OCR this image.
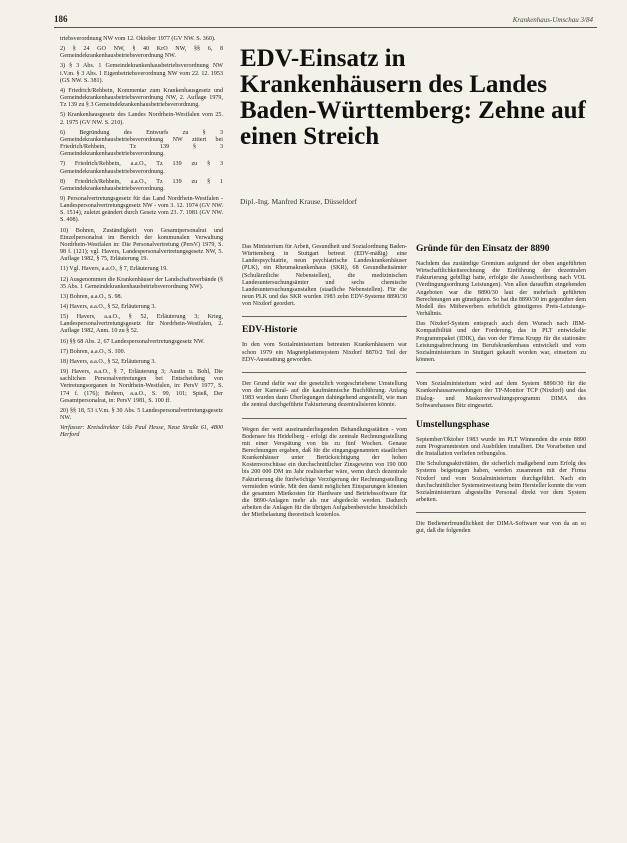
186	Krankenhaus-Umschau 3/84

triebsverordnung NW vom 12. Oktober 1977 (GV NW. S. 360).

2) § 24 GO NW, § 40 KrO NW, §§ 6, 8 Gemeindekrankenhausbetriebsverordnung NW.

3) § 3 Abs. 1 Gemeindekrankenhausbetriebsverordnung NW i.V.m. § 3 Abs. 1 Eigenbetriebsverordnung NW vom 22. 12. 1953 (GS NW. S. 381).

4) Friedrich/Rehbein, Kommentar zum Krankenhausgesetz und Gemeindekrankenhausbetriebsverordnung NW, 2. Auflage 1979, Tz 139 zu § 3 Gemeindekrankenhausbetriebsverordnung.

5) Krankenhausgesetz des Landes Nordrhein-Westfalen vom 25. 2. 1975 (GV NW. S. 210).

6) Begründung des Entwurfs zu § 3 Gemeindekrankenhausbetriebsverordnung NW zitiert bei Friedrich/Rehbein, Tz 139 § 3 Gemeindekrankenhausbetriebsverordnung.

7) Friedrich/Rehbein, a.a.O., Tz 139 zu § 3 Gemeindekrankenhausbetriebsverordnung.

8) Friedrich/Rehbein, a.a.O., Tz 139 zu § 1 Gemeindekrankenhausbetriebsverordnung.

9) Personalvertretungsgesetz für das Land Nordrhein-Westfalen - Landespersonalvertretungsgesetz NW - vom 3. 12. 1974 (GV NW. S. 1514), zuletzt geändert durch Gesetz vom 23. 7. 1981 (GV NW. S. 408).

10) Bohren, Zuständigkeit von Gesamtpersonalrat und Einzelpersonalrat im Bereich der kommunalen Verwaltung Nordrhein-Westfalen in: Die Personalvertretung (PersV) 1979, S. 98 f. (121); vgl. Havers, Landespersonalvertretungsgesetz NW, 5. Auflage 1982, § 75, Erläuterung 19.

11) Vgl. Havers, a.a.O., § 7, Erläuterung 19.

12) Ausgenommen die Krankenhäuser der Landschaftsverbände (§ 35 Abs. 1 Gemeindekrankenhausbetriebsverordnung NW).

13) Bohren, a.a.O., S. 98.

14) Havers, a.a.O., § 52, Erläuterung 3.

15) Havers, a.a.O., § 52, Erläuterung 3; Krieg, Landespersonalvertretungsgesetz für Nordrhein-Westfalen, 2. Auflage 1982, Anm. 10 zu § 52.

16) §§ 68 Abs. 2, 67 Landespersonalvertretungsgesetz NW.

17) Bohren, a.a.O., S. 100.

18) Havers, a.a.O., § 52, Erläuterung 3.

19) Havers, a.a.O., § 7, Erläuterung 3; Austin u. Bohl, Die sachlichen Personalvertretungen bei Entscheidung von Vertretungsorganen in Nordrhein-Westfalen, in: PersV 1977, S. 174 f. (176); Bohren, a.a.O., S. 99, 101; Spieß, Der Gesamtpersonalrat, in: PersV 1981, S. 100 ff.

20) §§ 18, 53 i.V.m. § 30 Abs. 5 Landespersonalvertretungsgesetz NW.

Verfasser: Kreisdirektor Udo Paul Hesse, Neue Straße 61, 4800 Herford

EDV-Einsatz in Krankenhäusern des Landes Baden-Württemberg: Zehne auf einen Streich
Dipl.-Ing. Manfred Krause, Düsseldorf

Das Ministerium für Arbeit, Gesundheit und Sozialordnung Baden-Württemberg in Stuttgart betreut (EDV-mäßig) eine Landespsychiatrie, neun psychiatrische Landeskrankenhäuser (PLK), ein Rheumakrankenhaus (SKR), 68 Gesundheitsämter (Schulärztliche Nebenstellen), die medizinischen Landesuntersuchungsämter und sechs chemische Landesuntersuchungsanstalten (staatliche Nebenstellen). Für die neun PLK und das SKR wurden 1983 zehn EDV-Systeme 8890/30 von Nixdorf geordert.

EDV-Historie

In den vom Sozialministerium betreuten Krankenhäusern war schon 1979 ein Magnetplattensystem Nixdorf 8870/2 Teil der EDV-Ausstattung geworden.

Der Grund dafür war die gesetzlich vorgeschriebene Umstellung von der Kameral- auf die kaufmännische Buchführung. Anfang 1983 wurden dann Überlegungen dahingehend angestellt, wie man die zentral durchgeführte Fakturierung dezentralisieren könnte.

Wegen der weit auseinanderliegenden Behandlungsstätten - vom Bodensee bis Heidelberg - erfolgt die zentrale Rechnungsstellung mit einer Verspätung von bis zu fünf Wochen. Genaue Berechnungen ergaben, daß für die eingangsgenannten staatlichen Krankenhäuser unter Berücksichtigung der hohen Kostenvorschüsse ein durchschnittlicher Zinsgewinn von 190 000 bis 200 000 DM im Jahr realisierbar wäre, wenn durch dezentrale Fakturierung die fünfwöchige Verzögerung der Rechnungsstellung vermieden würde. Mit den damit möglichen Einsparungen könnten die gesamten Mietkosten für Hardware und Betriebssoftware für die 8890-Anlagen mehr als nur abgedeckt werden. Dadurch arbeiten die Anlagen für die übrigen Aufgabenbereiche hinsichtlich der Mietbelastung theoretisch kostenlos.

Gründe für den Einsatz der 8890

Nachdem das zuständige Gremium aufgrund der oben angeführten Wirtschaftlichkeitsrechnung die Einführung der dezentralen Fakturierung gebilligt hatte, erfolgte die Ausschreibung nach VOL (Verdingungsordnung Leistungen). Von allen daraufhin eingehenden Angeboten war die 8890/30 laut der mehrfach geführten Berechnungen am günstigsten. So hat die 8890/30 im gegenüber dem Modell des Mitbewerbers erheblich günstigeres Preis-Leistungs-Verhältnis.

Das Nixdorf-System entsprach auch dem Wunsch nach IBM-Kompatibilität und der Forderung, das in PLT entwickelte Programmpaket (IDIK), das von der Firma Krupp für die stationäre Leistungsabrechnung im Berufskrankenhaus entwickelt und vom Sozialministerium in Stuttgart gekauft worden war, einsetzen zu können.

Vom Sozialministerium wird auf dem System 8890/30 für die Krankenhausanwendungen der TP-Monitor TCP (Nixdorf) und das Dialog- und Maskenverwaltungsprogramm DIMA des Softwarehauses Bitz eingesetzt.

Umstellungsphase

September/Oktober 1983 wurde im PLT Winnenden die erste 8890 zum Programmtesten und Ausbilden installiert. Die Vorarbeiten und die Installation verliefen reibungslos.

Die Schulungsaktivitäten, die sicherlich maßgebend zum Erfolg des Systems beigetragen haben, werden zusammen mit der Firma Nixdorf und vom Sozialministerium durchgeführt. Nach ein durchschnittlicher Systemeinweisung beim Hersteller konnte die vom Sozialministerium abgestellte Personal direkt vor dem System arbeiten.

Die Bedienerfreundlichkeit der DIMA-Software war von da an so gut, daß die folgenden
